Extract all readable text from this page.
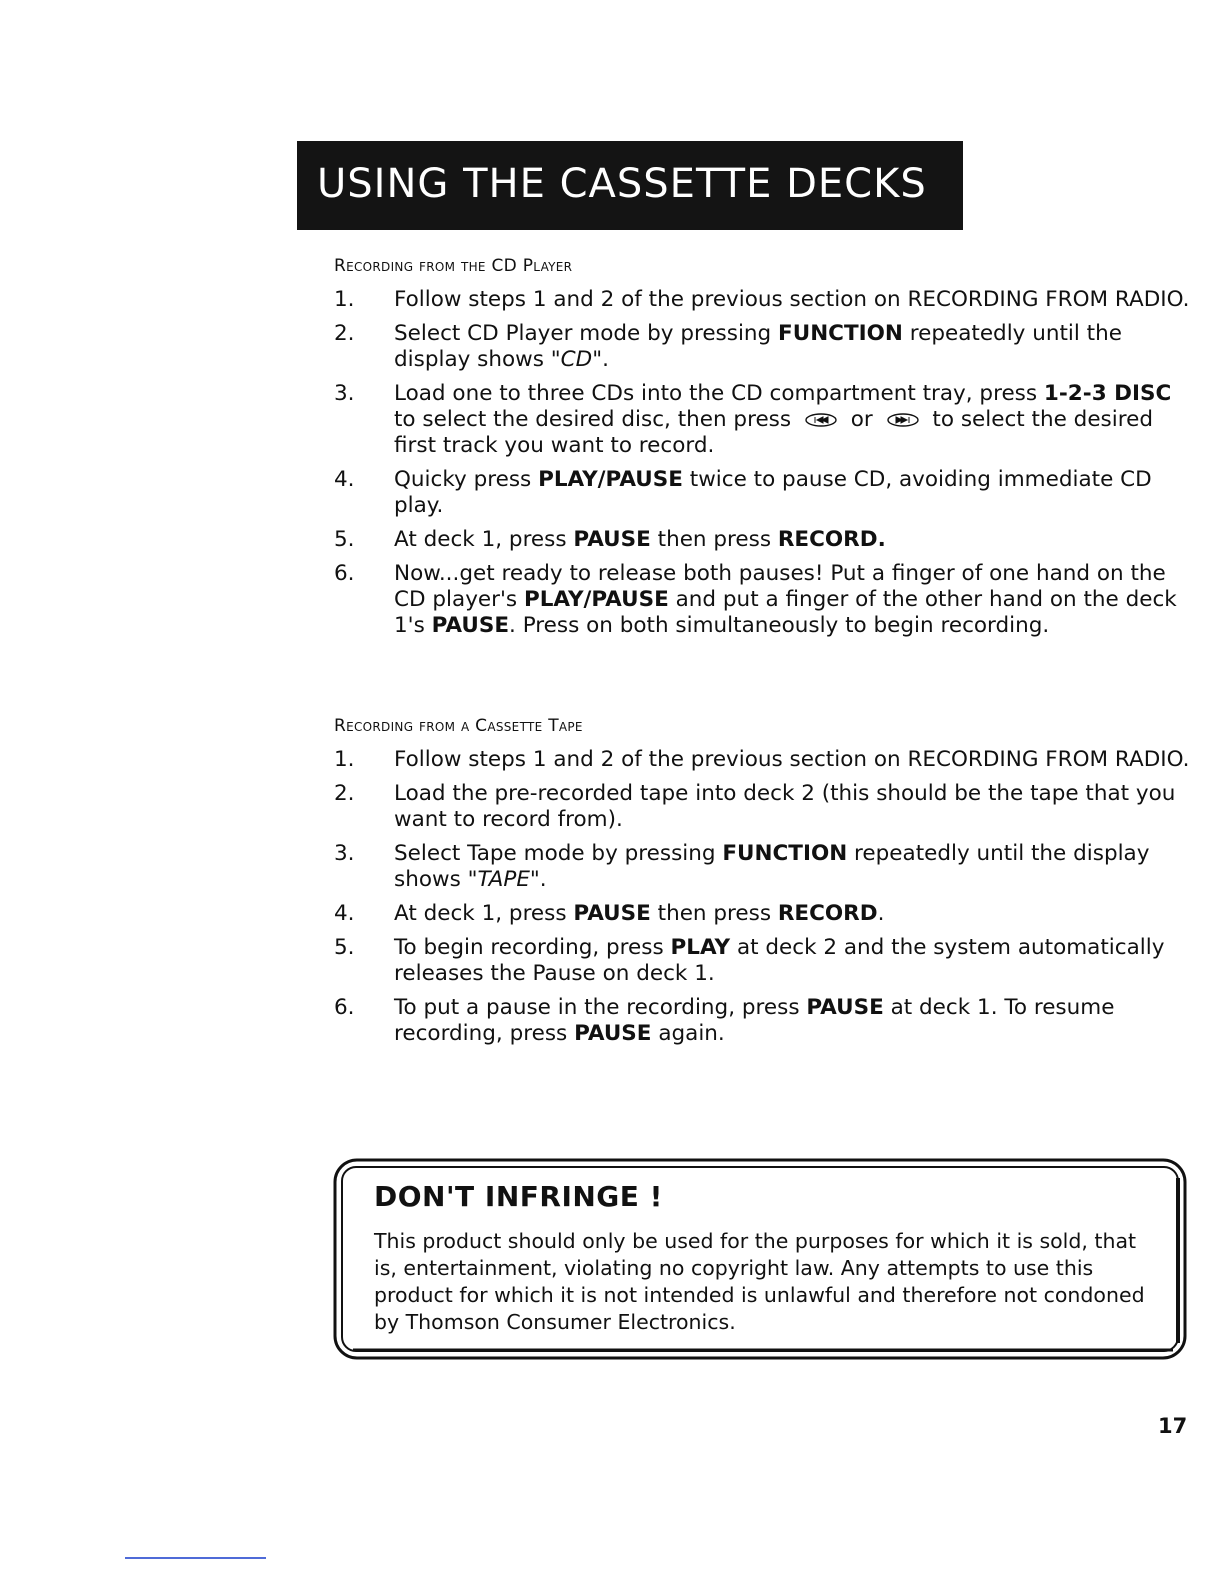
USING THE CASSETTE DECKS
Recording from the CD Player
1. Follow steps 1 and 2 of the previous section on RECORDING FROM RADIO.
2. Select CD Player mode by pressing FUNCTION repeatedly until the display shows "CD".
3. Load one to three CDs into the CD compartment tray, press 1-2-3 DISC to select the desired disc, then press  or  to select the desired first track you want to record.
4. Quicky press PLAY/PAUSE twice to pause CD, avoiding immediate CD play.
5. At deck 1, press PAUSE then press RECORD.
6. Now...get ready to release both pauses! Put a finger of one hand on the CD player's PLAY/PAUSE and put a finger of the other hand on the deck 1's PAUSE. Press on both simultaneously to begin recording.
Recording from a Cassette Tape
1. Follow steps 1 and 2 of the previous section on RECORDING FROM RADIO.
2. Load the pre-recorded tape into deck 2 (this should be the tape that you want to record from).
3. Select Tape mode by pressing FUNCTION repeatedly until the display shows "TAPE".
4. At deck 1, press PAUSE then press RECORD.
5. To begin recording, press PLAY at deck 2 and the system automatically releases the Pause on deck 1.
6. To put a pause in the recording, press PAUSE at deck 1. To resume recording, press PAUSE again.
DON'T INFRINGE !
This product should only be used for the purposes for which it is sold, that is, entertainment, violating no copyright law. Any attempts to use this product for which it is not intended is unlawful and therefore not condoned by Thomson Consumer Electronics.
17
